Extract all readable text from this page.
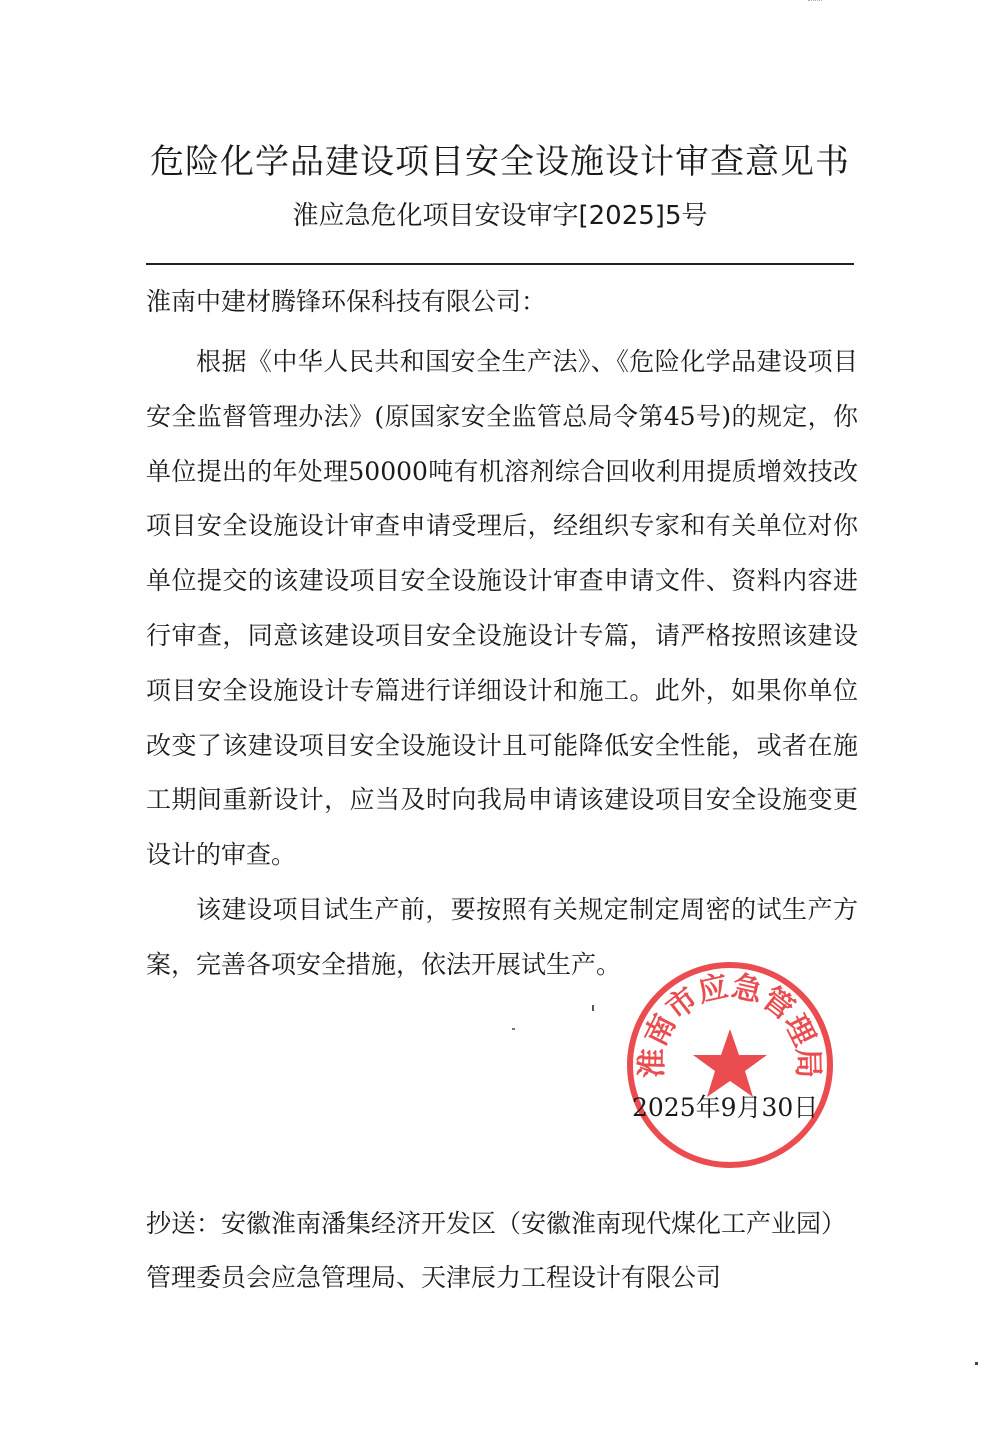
危险化学品建设项目安全设施设计审查意见书
淮应急危化项目安设审字[2025]5号
淮南中建材腾锋环保科技有限公司：

根据《中华人民共和国安全生产法》、《危险化学品建设项目安全监督管理办法》(原国家安全监管总局令第45号)的规定，你单位提出的年处理50000吨有机溶剂综合回收利用提质增效技改项目安全设施设计审查申请受理后，经组织专家和有关单位对你单位提交的该建设项目安全设施设计审查申请文件、资料内容进行审查，同意该建设项目安全设施设计专篇，请严格按照该建设项目安全设施设计专篇进行详细设计和施工。此外，如果你单位改变了该建设项目安全设施设计且可能降低安全性能，或者在施工期间重新设计，应当及时向我局申请该建设项目安全设施变更设计的审查。

该建设项目试生产前，要按照有关规定制定周密的试生产方案，完善各项安全措施，依法开展试生产。

淮南市应急管理局
2025年9月30日
抄送：安徽淮南潘集经济开发区（安徽淮南现代煤化工产业园）
管理委员会应急管理局、天津辰力工程设计有限公司
